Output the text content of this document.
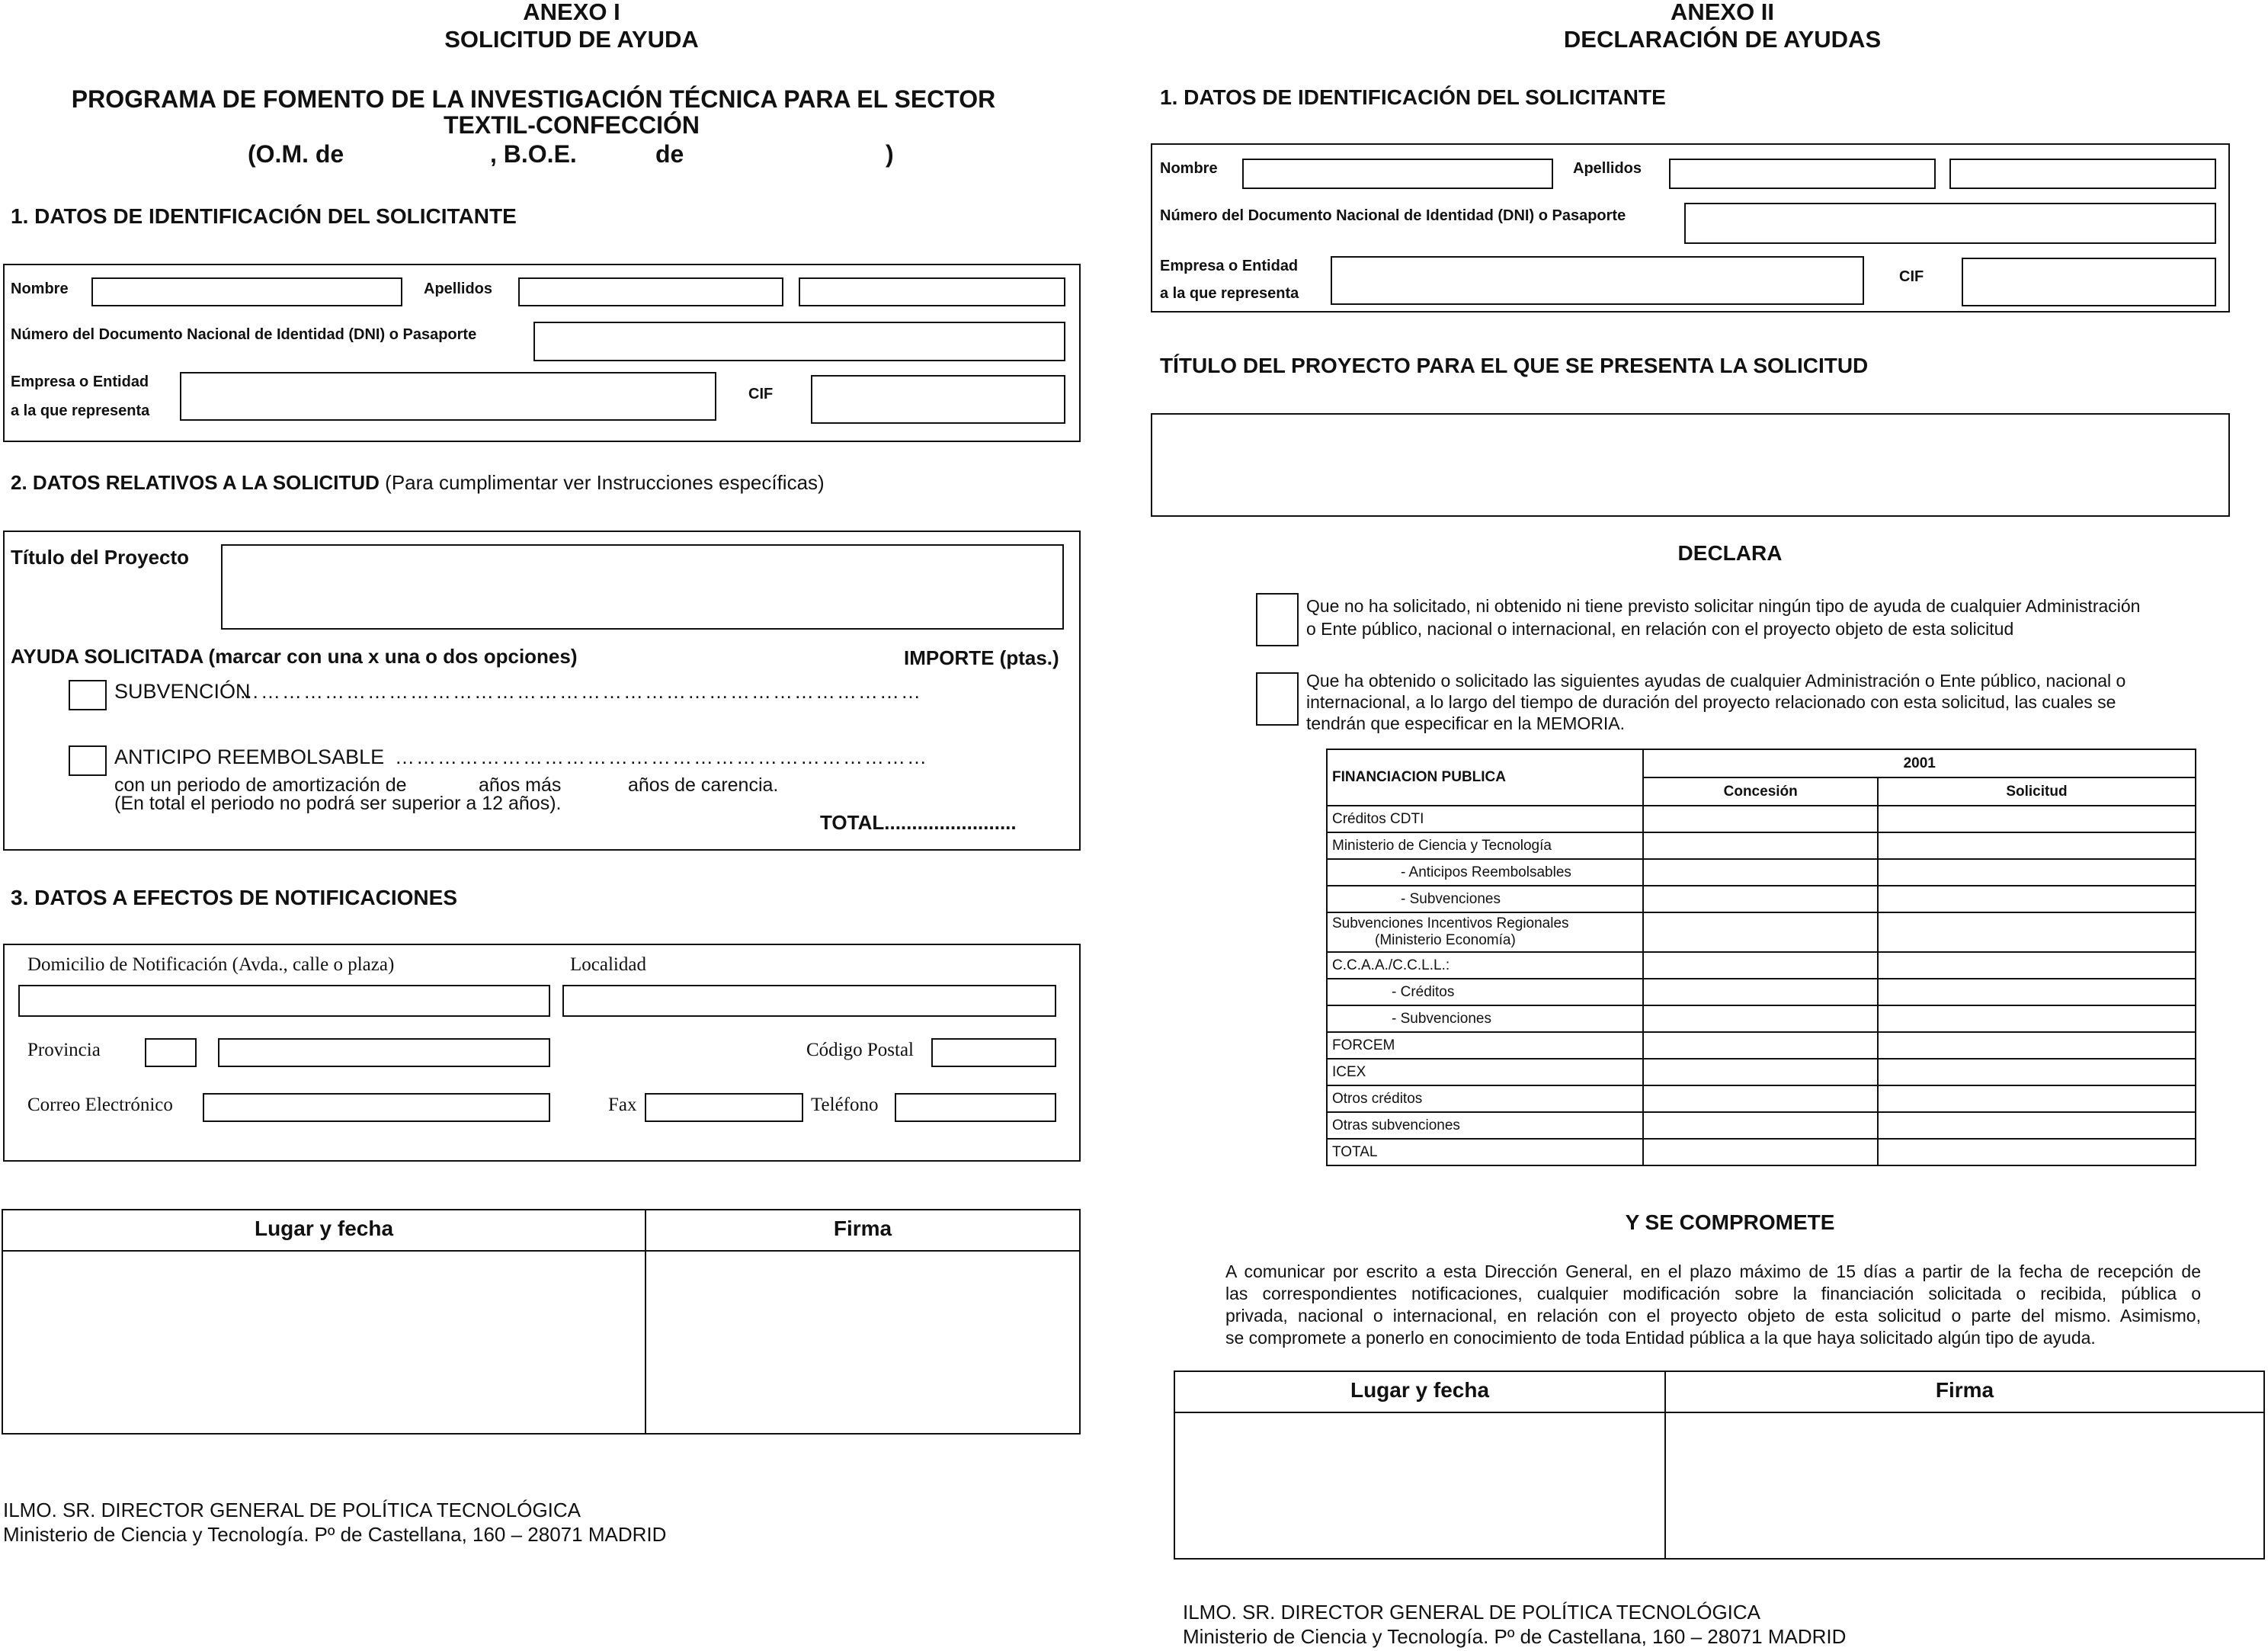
ANEXO I
SOLICITUD DE AYUDA
PROGRAMA DE FOMENTO DE LA INVESTIGACIÓN TÉCNICA PARA EL SECTOR
TEXTIL-CONFECCIÓN
(O.M. de	, B.O.E.	de	)
1. DATOS DE IDENTIFICACIÓN DEL SOLICITANTE
Nombre	Apellidos
Número del Documento Nacional de Identidad (DNI) o Pasaporte
Empresa o Entidad
a la que representa
CIF
2. DATOS RELATIVOS A LA SOLICITUD (Para cumplimentar ver Instrucciones específicas)
Título del Proyecto
AYUDA SOLICITADA (marcar con una x una o dos opciones)	IMPORTE (ptas.)
SUBVENCIÓN
……………………………………………………………………………………
ANTICIPO REEMBOLSABLE …………………………………………………………………
con un periodo de amortización de	años más	años de carencia.
(En total el periodo no podrá ser superior a 12 años).
TOTAL........................
3. DATOS A EFECTOS DE NOTIFICACIONES
Domicilio de Notificación (Avda., calle o plaza)	Localidad
Provincia	Código Postal
Correo Electrónico	Fax	Teléfono
Lugar y fecha	Firma
ILMO. SR. DIRECTOR GENERAL DE POLÍTICA TECNOLÓGICA
Ministerio de Ciencia y Tecnología. Pº de Castellana, 160 – 28071 MADRID
ANEXO II
DECLARACIÓN DE AYUDAS
1. DATOS DE IDENTIFICACIÓN DEL SOLICITANTE
Nombre	Apellidos
Número del Documento Nacional de Identidad (DNI) o Pasaporte
Empresa o Entidad
a la que representa
CIF
TÍTULO DEL PROYECTO PARA EL QUE SE PRESENTA LA SOLICITUD
DECLARA
Que no ha solicitado, ni obtenido ni tiene previsto solicitar ningún tipo de ayuda de cualquier Administración
o Ente público, nacional o internacional, en relación con el proyecto objeto de esta solicitud
Que ha obtenido o solicitado las siguientes ayudas de cualquier Administración o Ente público, nacional o
internacional, a lo largo del tiempo de duración del proyecto relacionado con esta solicitud, las cuales se
tendrán que especificar en la MEMORIA.
FINANCIACION PUBLICA	2001	
	Concesión	Solicitud
Créditos CDTI		
Ministerio de Ciencia y Tecnología		
- Anticipos Reembolsables		
- Subvenciones		

Subvenciones Incentivos Regionales
(Ministerio Economía)		

C.C.A.A./C.C.L.L.:		
- Créditos		
- Subvenciones		
FORCEM		
ICEX		
Otros créditos		
Otras subvenciones		
TOTAL		
Y SE COMPROMETE
A comunicar por escrito a esta Dirección General, en el plazo máximo de 15 días a partir de la fecha de recepción de
las correspondientes notificaciones, cualquier modificación sobre la financiación solicitada o recibida, pública o
privada, nacional o internacional, en relación con el proyecto objeto de esta solicitud o parte del mismo. Asimismo,
se compromete a ponerlo en conocimiento de toda Entidad pública a la que haya solicitado algún tipo de ayuda.
Lugar y fecha	Firma
ILMO. SR. DIRECTOR GENERAL DE POLÍTICA TECNOLÓGICA
Ministerio de Ciencia y Tecnología. Pº de Castellana, 160 – 28071 MADRID
